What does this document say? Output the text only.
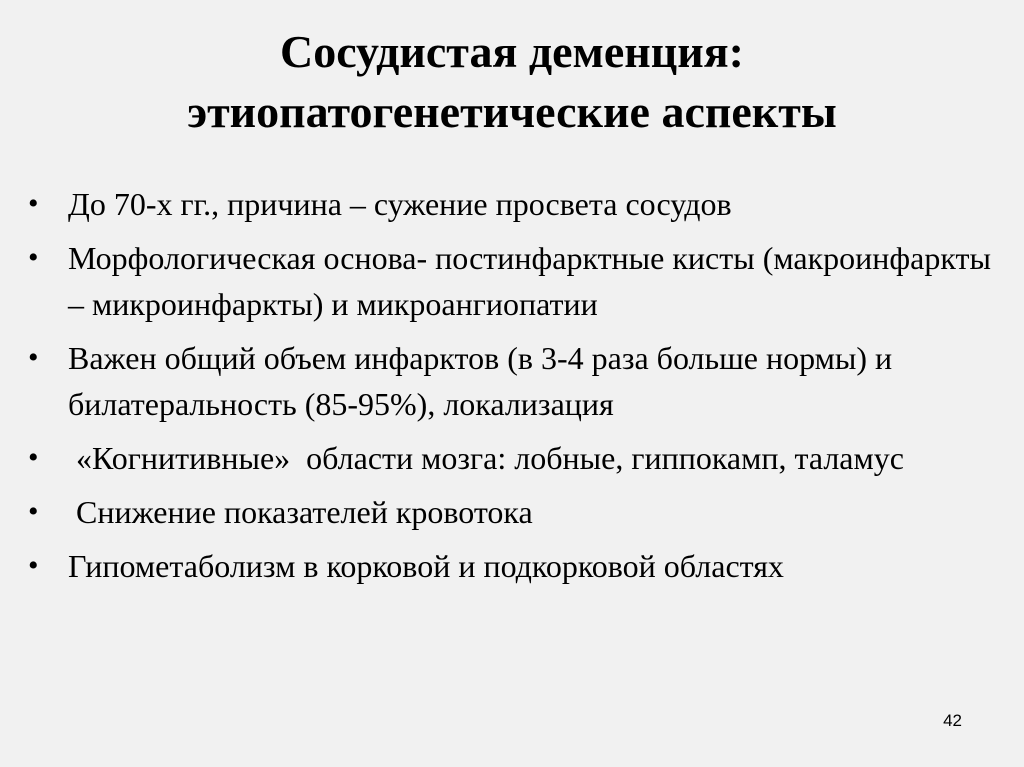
Сосудистая деменция:
этиопатогенетические аспекты
• До 70-х гг., причина – сужение просвета сосудов
• Морфологическая основа- постинфарктные кисты (макроинфаркты – микроинфаркты) и микроангиопатии
• Важен общий объем инфарктов (в 3-4 раза больше нормы) и билатеральность (85-95%), локализация
• «Когнитивные»  области мозга: лобные, гиппокамп, таламус
• Снижение показателей кровотока
• Гипометаболизм в корковой и подкорковой областях
42
